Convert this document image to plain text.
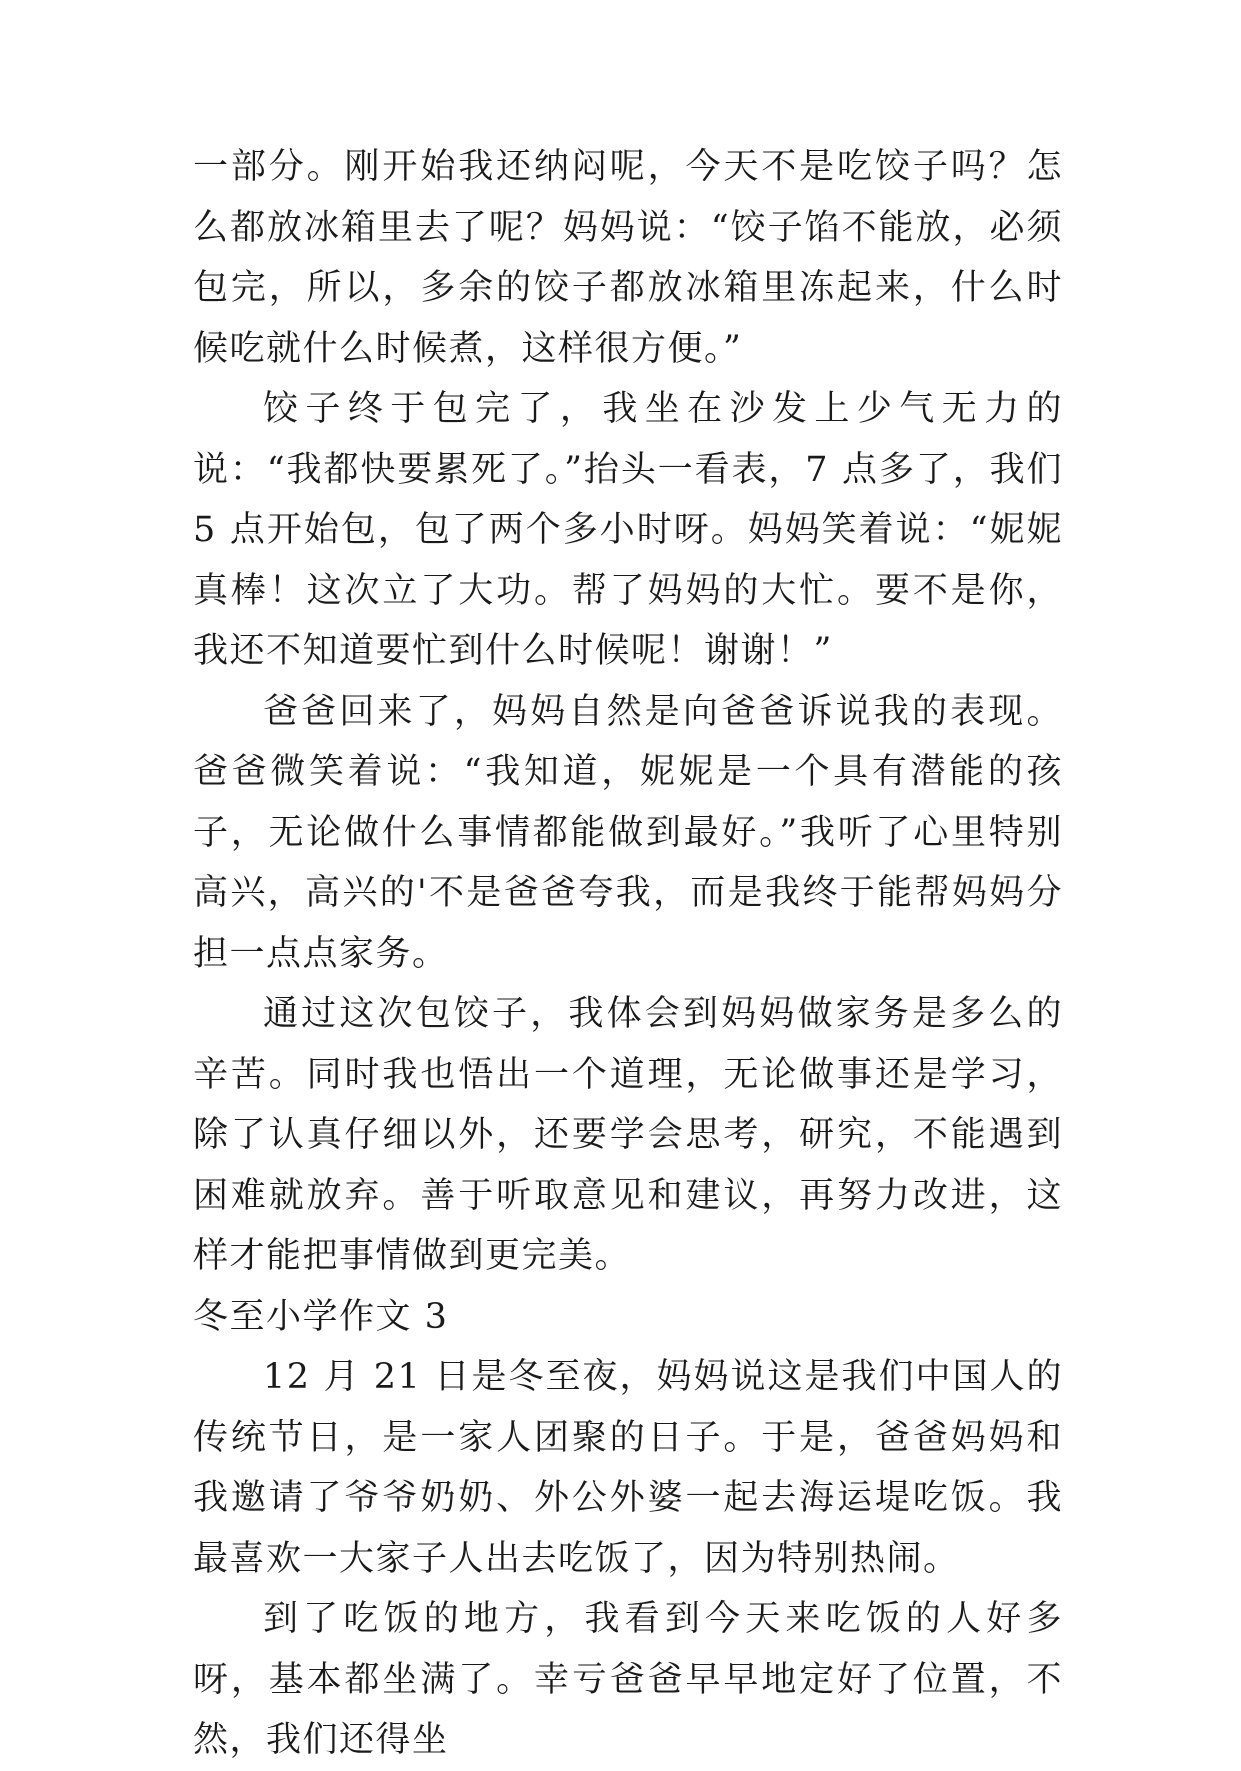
一部分。刚开始我还纳闷呢，今天不是吃饺子吗？怎么都放冰箱里去了呢？妈妈说：“饺子馅不能放，必须包完，所以，多余的饺子都放冰箱里冻起来，什么时候吃就什么时候煮，这样很方便。”

饺子终于包完了，我坐在沙发上少气无力的说：“我都快要累死了。”抬头一看表，7 点多了，我们 5 点开始包，包了两个多小时呀。妈妈笑着说：“妮妮真棒！这次立了大功。帮了妈妈的大忙。要不是你，我还不知道要忙到什么时候呢！谢谢！”

爸爸回来了，妈妈自然是向爸爸诉说我的表现。爸爸微笑着说：“我知道，妮妮是一个具有潜能的孩子，无论做什么事情都能做到最好。”我听了心里特别高兴，高兴的'不是爸爸夸我，而是我终于能帮妈妈分担一点点家务。

通过这次包饺子，我体会到妈妈做家务是多么的辛苦。同时我也悟出一个道理，无论做事还是学习，除了认真仔细以外，还要学会思考，研究，不能遇到困难就放弃。善于听取意见和建议，再努力改进，这样才能把事情做到更完美。

冬至小学作文 3

12 月 21 日是冬至夜，妈妈说这是我们中国人的传统节日，是一家人团聚的日子。于是，爸爸妈妈和我邀请了爷爷奶奶、外公外婆一起去海运堤吃饭。我最喜欢一大家子人出去吃饭了，因为特别热闹。

到了吃饭的地方，我看到今天来吃饭的人好多呀，基本都坐满了。幸亏爸爸早早地定好了位置，不然，我们还得坐
